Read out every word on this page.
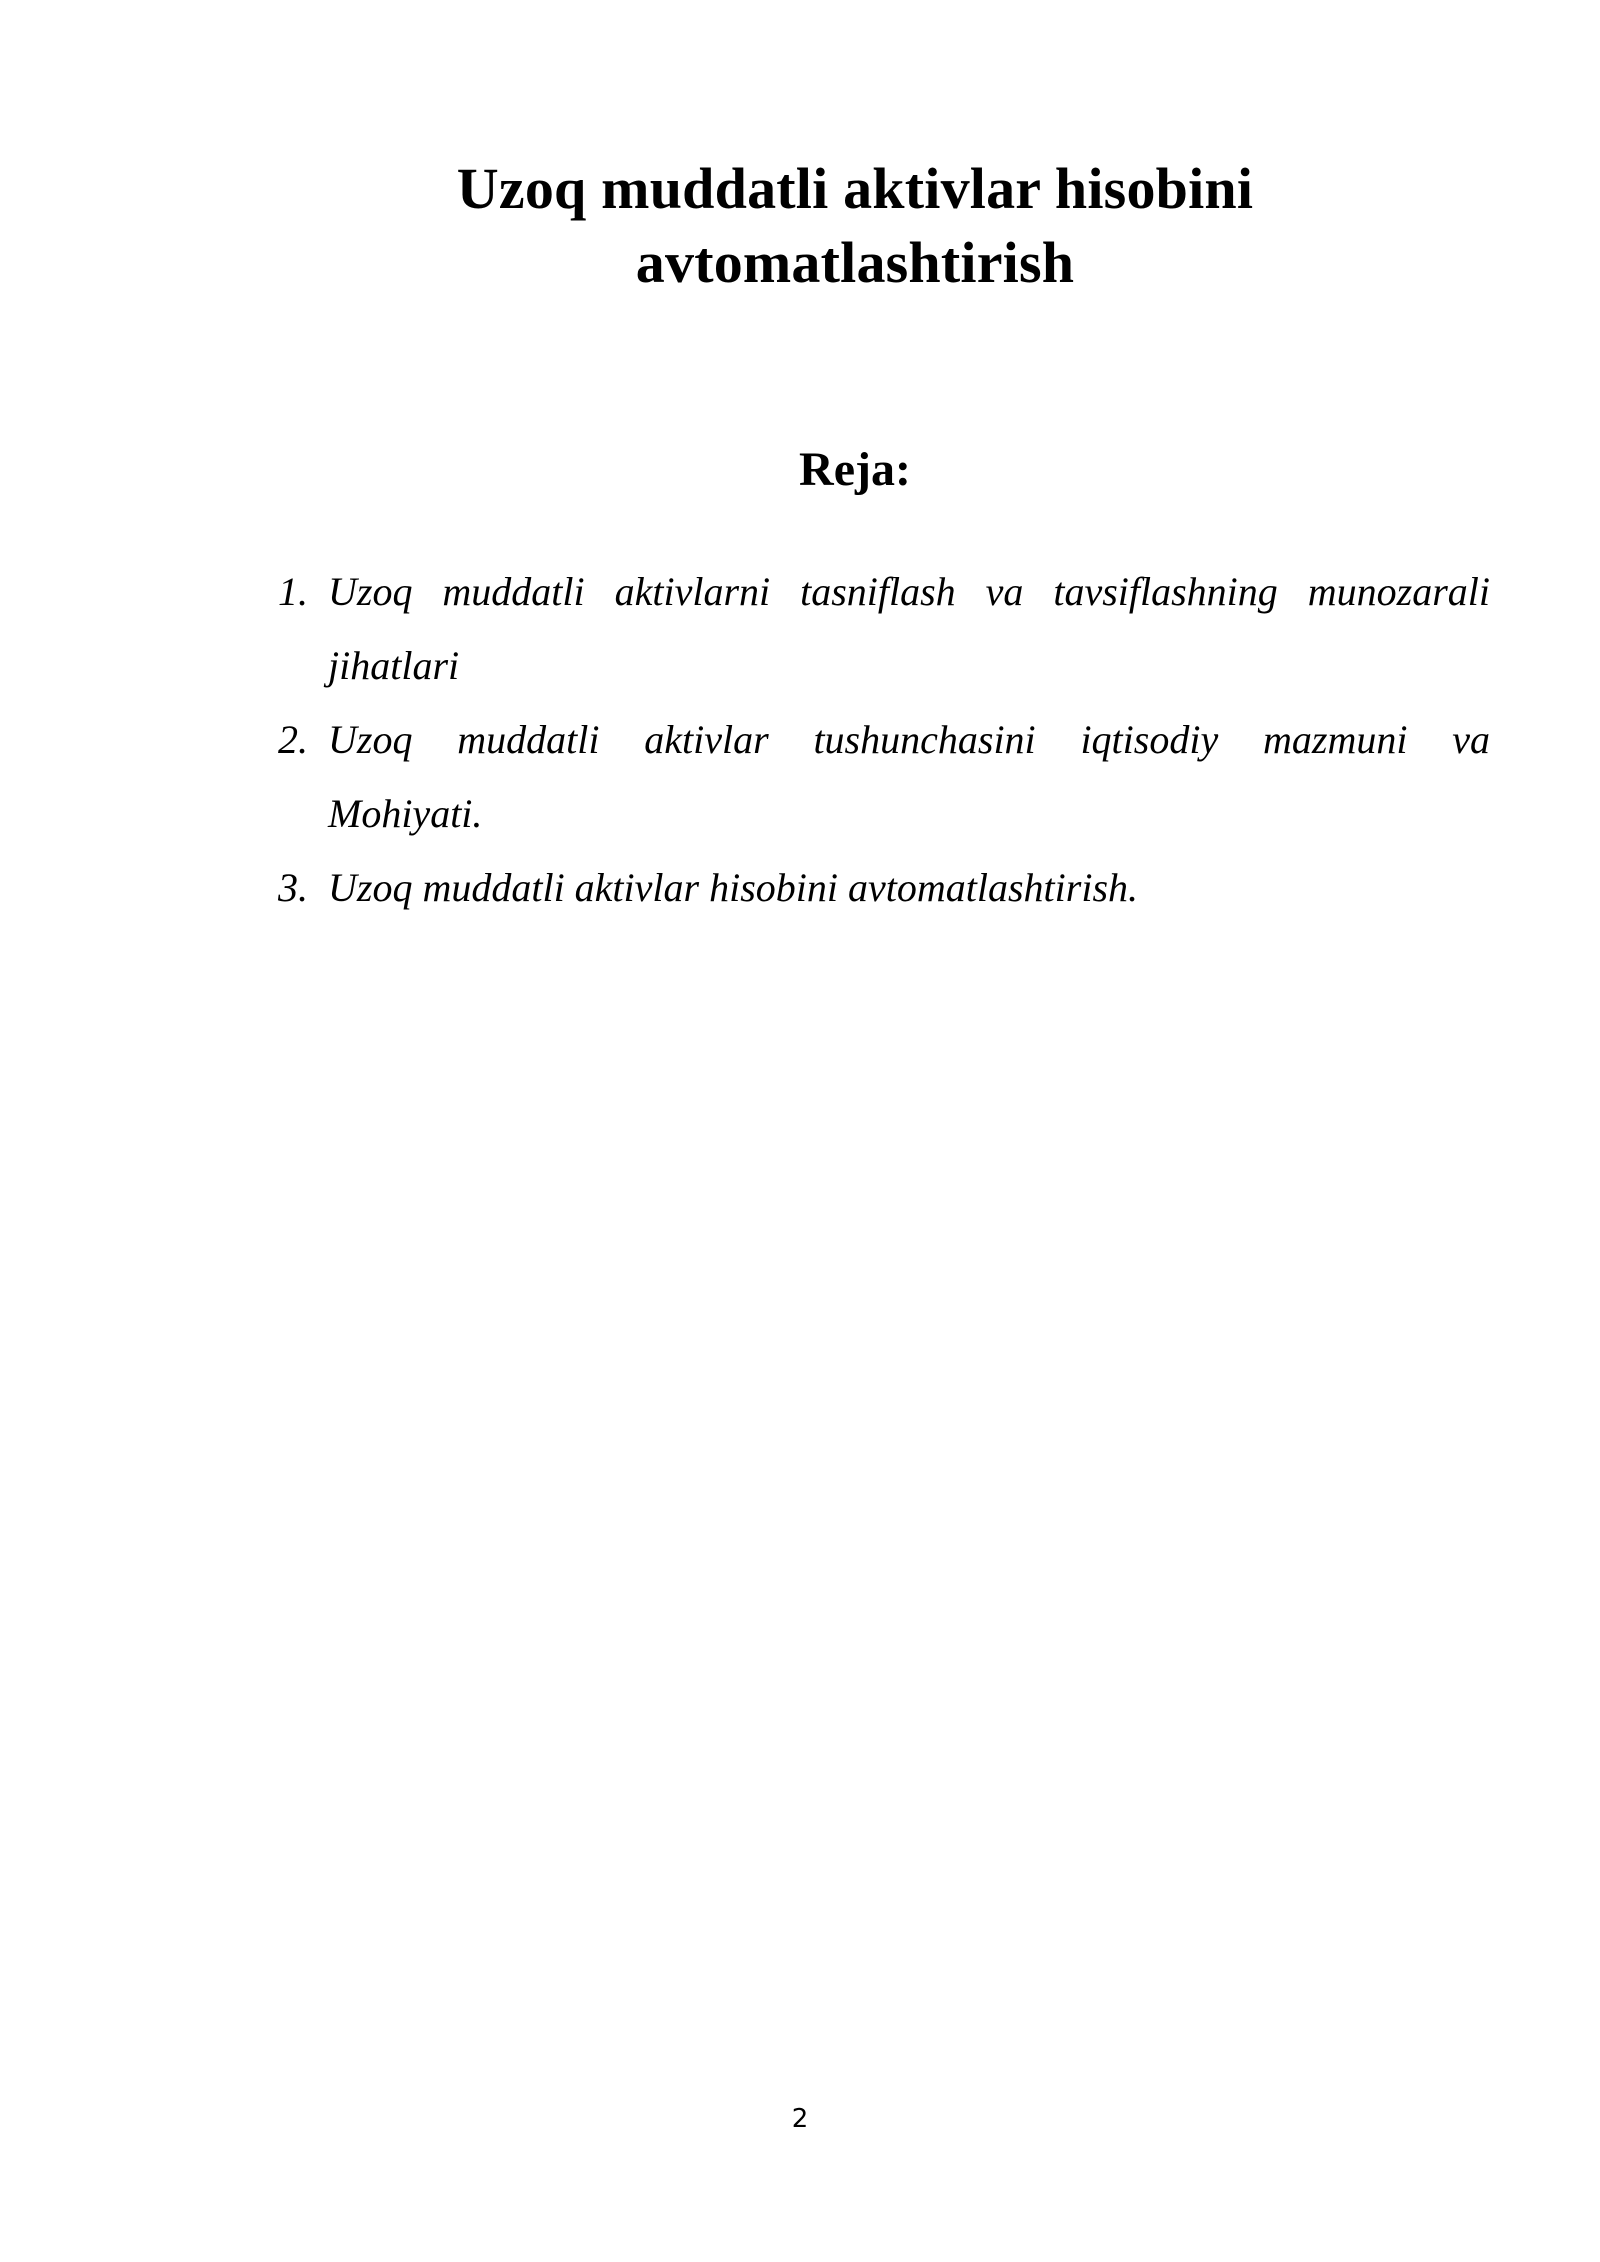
Uzoq muddatli aktivlar hisobini
avtomatlashtirish
Reja:
1. Uzoq muddatli aktivlarni tasniflash va tavsiflashning munozarali
jihatlari
2. Uzoq muddatli aktivlar tushunchasini iqtisodiy mazmuni va
Mohiyati.
3. Uzoq muddatli aktivlar hisobini avtomatlashtirish.
2
